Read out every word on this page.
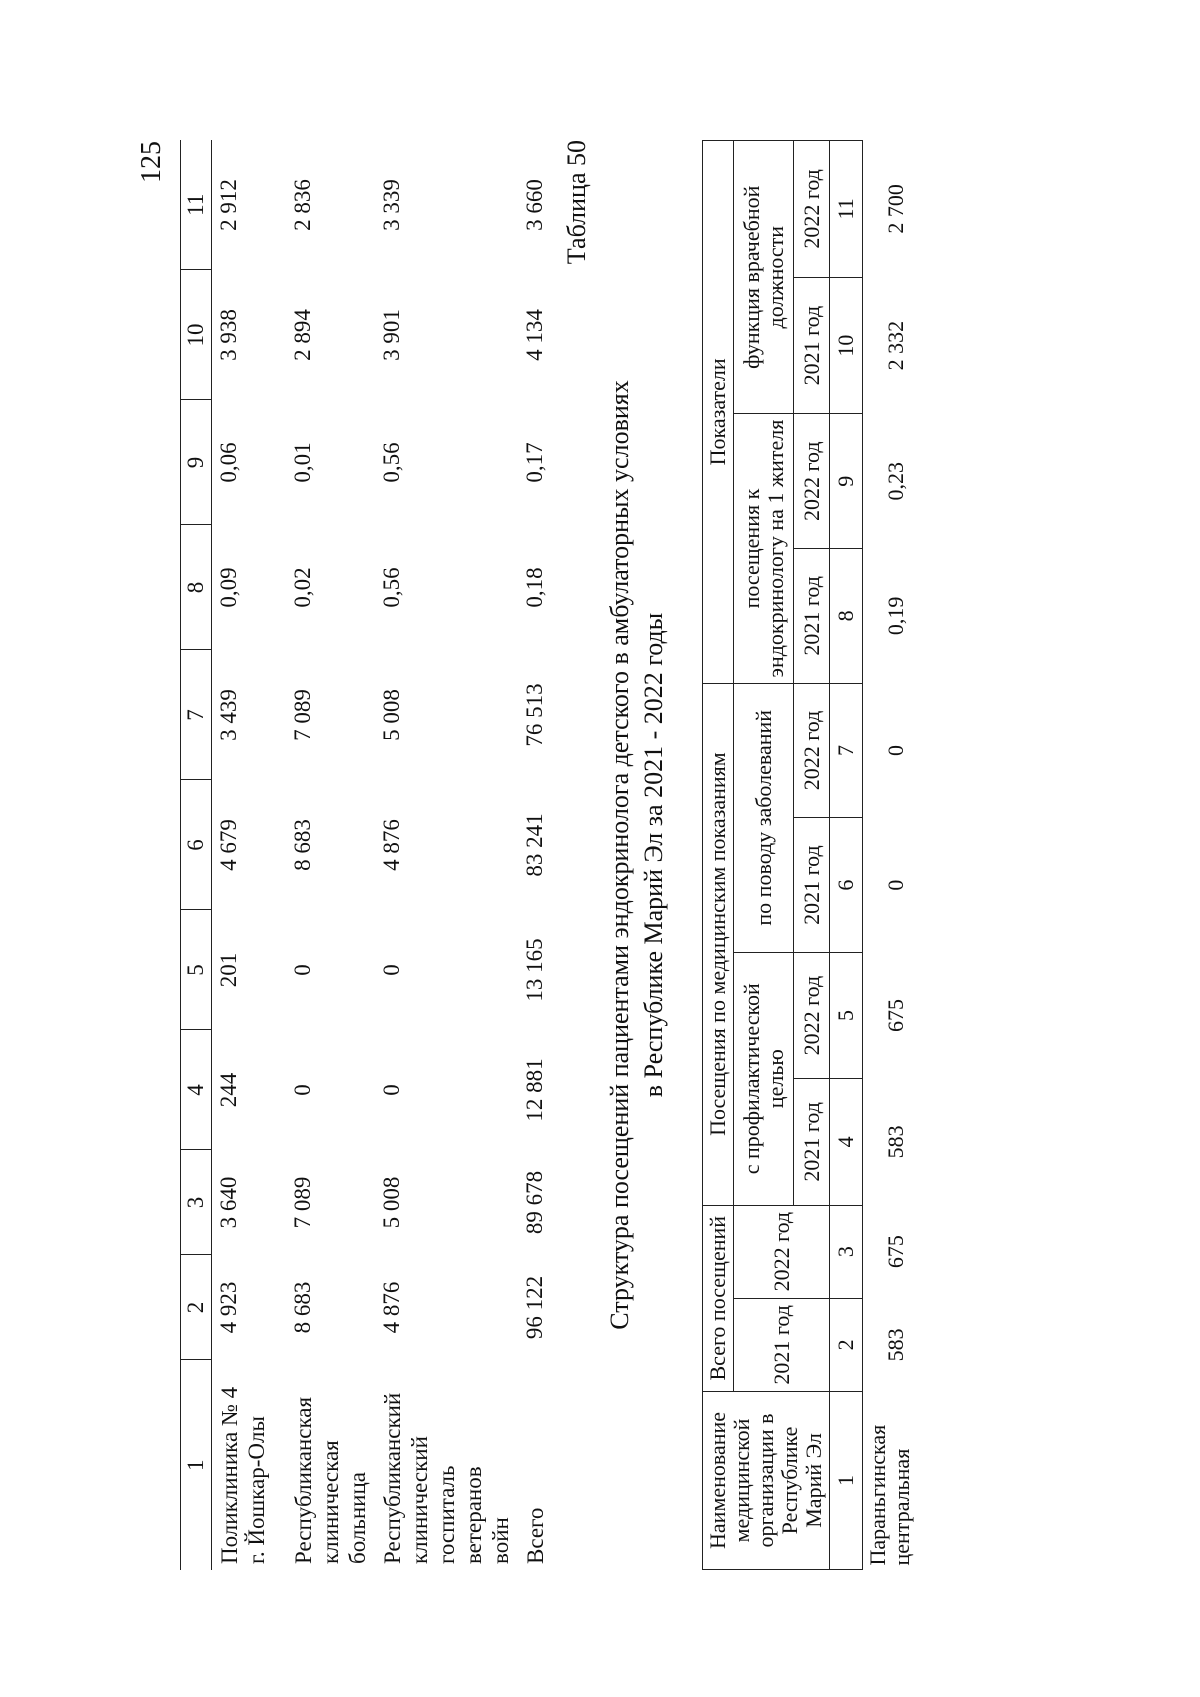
125
1	2	3	4	5	6	7	8	9	10	11

Поликлиника № 4 г. Йошкар-Олы	4 923	3 640	244	201	4 679	3 439	0,09	0,06	3 938	2 912

Республиканская клиническая больница	8 683	7 089	0	0	8 683	7 089	0,02	0,01	2 894	2 836

Республиканский клинический госпиталь ветеранов войн	4 876	5 008	0	0	4 876	5 008	0,56	0,56	3 901	3 339

Всего	96 122	89 678	12 881	13 165	83 241	76 513	0,18	0,17	4 134	3 660 Таблица 50
Структура посещений пациентами эндокринолога детского в амбулаторных условиях в Республике Марий Эл за 2021 - 2022 годы
Наименование медицинской организации в Республике Марий Эл	Всего посещений		Посещения по медицинским показаниям				Показатели			
	2021 год	2022 год	с профилактической целью		по поводу заболеваний		посещения к эндокринологу на 1 жителя		функция врачебной должности	
			2021 год	2022 год	2021 год	2022 год	2021 год	2022 год	2021 год	2022 год

1	2	3	4	5	6	7	8	9	10	11

Параньгинская центральная	583	675	583	675	0	0	0,19	0,23	2 332	2 700
